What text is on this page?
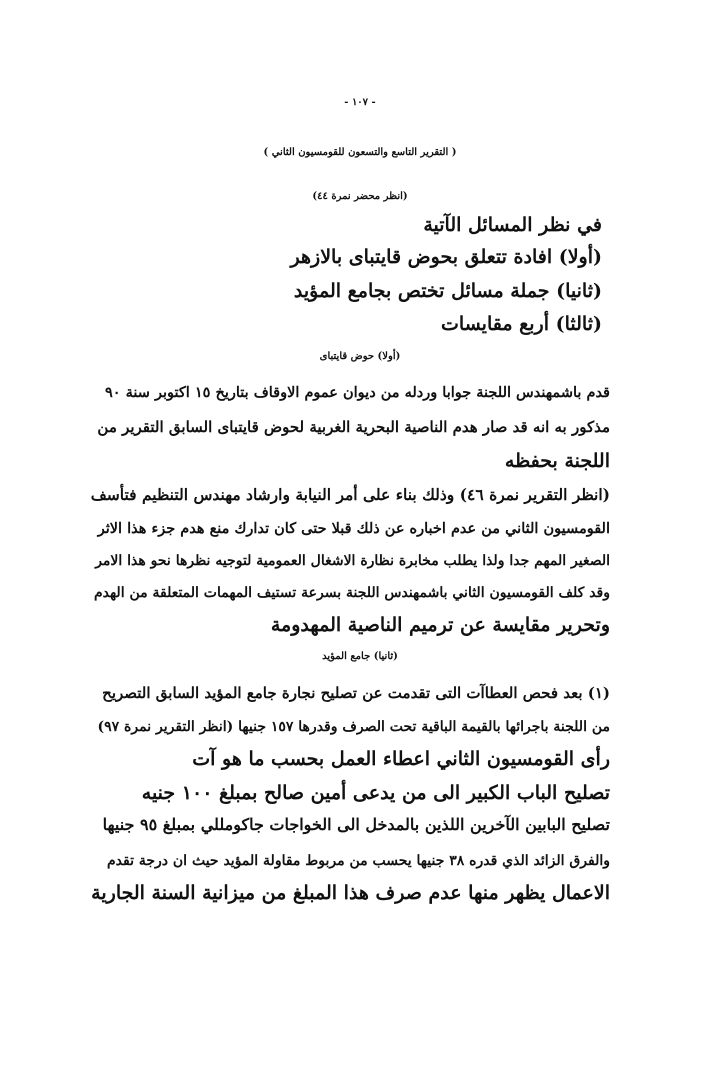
- ١٠٧ -
( التقرير التاسع والتسعون للقومسيون الثاني )
(انظر محضر نمرة ٤٤)
في نظر المسائل الآتية
(أولا) افادة تتعلق بحوض قايتباى بالازهر
(ثانيا) جملة مسائل تختص بجامع المؤيد
(ثالثا) أربع مقايسات
(أولا) حوض قايتباى
قدم باشمهندس اللجنة جوابا وردله من ديوان عموم الاوقاف بتاريخ ١٥ اكتوبر سنة ٩٠
مذكور به انه قد صار هدم الناصية البحرية الغربية لحوض قايتباى السابق التقرير من
اللجنة بحفظه
(انظر التقرير نمرة ٤٦) وذلك بناء على أمر النيابة وارشاد مهندس التنظيم فتأسف
القومسيون الثاني من عدم اخباره عن ذلك قبلا حتى كان تدارك منع هدم جزء هذا الاثر
الصغير المهم جدا ولذا يطلب مخابرة نظارة الاشغال العمومية لتوجيه نظرها نحو هذا الامر
وقد كلف القومسيون الثاني باشمهندس اللجنة بسرعة تستيف المهمات المتعلقة من الهدم
وتحرير مقايسة عن ترميم الناصية المهدومة
(ثانيا) جامع المؤيد
(١) بعد فحص العطاآت التى تقدمت عن تصليح نجارة جامع المؤيد السابق التصريح
من اللجنة باجرائها بالقيمة الباقية تحت الصرف وقدرها ١٥٧ جنيها (انظر التقرير نمرة ٩٧)
رأى القومسيون الثاني اعطاء العمل بحسب ما هو آت
تصليح الباب الكبير الى من يدعى أمين صالح بمبلغ ١٠٠ جنيه
تصليح البابين الآخرين اللذين بالمدخل الى الخواجات جاكومللي بمبلغ ٩٥ جنيها
والفرق الزائد الذي قدره ٣٨ جنيها يحسب من مربوط مقاولة المؤيد حيث ان درجة تقدم
الاعمال يظهر منها عدم صرف هذا المبلغ من ميزانية السنة الجارية
